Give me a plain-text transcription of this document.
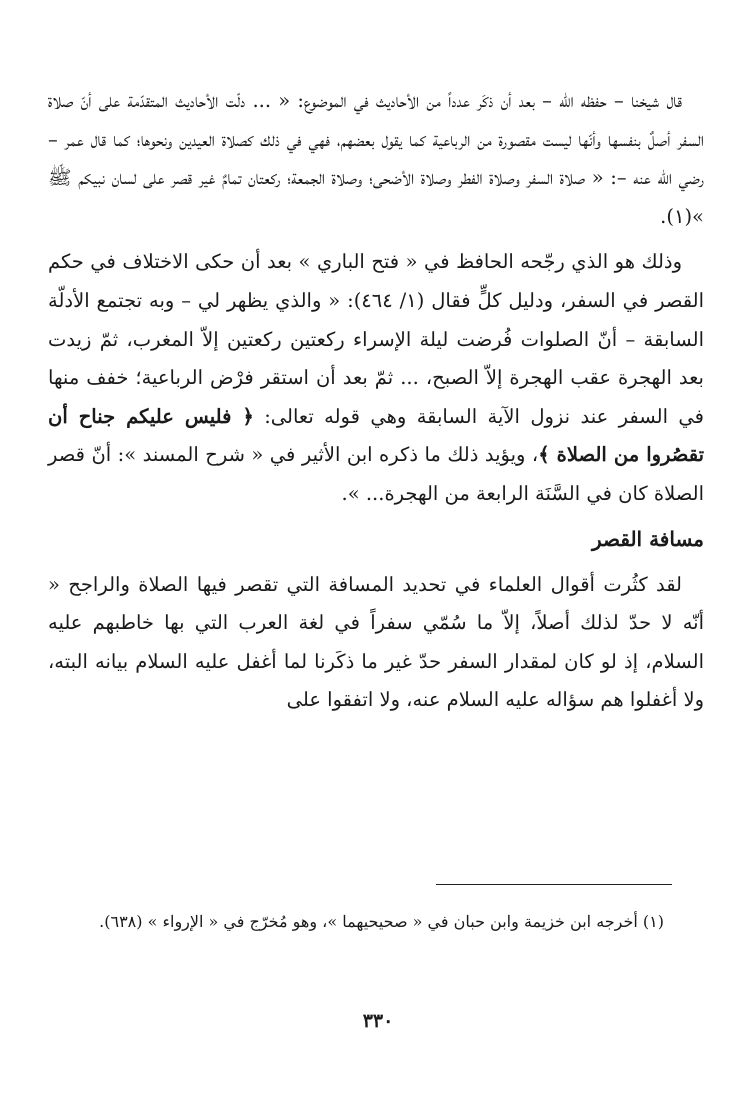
قال شيخنا – حفظه الله – بعد أن ذكَر عدداً من الأحاديث في الموضوع: « ... دلّت الأحاديث المتقدّمة على أنّ صلاة السفر أصلٌ بنفسها وأنّها ليست مقصورة من الرباعية كما يقول بعضهم، فهي في ذلك كصلاة العيدين ونحوها؛ كما قال عمر – رضي الله عنه –: « صلاة السفر وصلاة الفطر وصلاة الأضحى؛ وصلاة الجمعة؛ ركعتان تمامٌ غير قصر على لسان نبيكم ﷺ »(١).

وذلك هو الذي رجّحه الحافظ في « فتح الباري » بعد أن حكى الاختلاف في حكم القصر في السفر، ودليل كلٍّ فقال (١/ ٤٦٤): « والذي يظهر لي – وبه تجتمع الأدلّة السابقة – أنّ الصلوات فُرضت ليلة الإسراء ركعتين ركعتين إلاّ المغرب، ثمّ زيدت بعد الهجرة عقب الهجرة إلاّ الصبح، ... ثمّ بعد أن استقر فرْض الرباعية؛ خفف منها في السفر عند نزول الآية السابقة وهي قوله تعالى: ﴿ فليس عليكم جناح أن تقصُروا من الصلاة ﴾، ويؤيد ذلك ما ذكره ابن الأثير في « شرح المسند »: أنّ قصر الصلاة كان في السَّنَة الرابعة من الهجرة... ».

مسافة القصر

لقد كثُرت أقوال العلماء في تحديد المسافة التي تقصر فيها الصلاة والراجح « أنّه لا حدّ لذلك أصلاً، إلاّ ما سُمّي سفراً في لغة العرب التي بها خاطبهم عليه السلام، إذ لو كان لمقدار السفر حدّ غير ما ذكَرنا لما أغفل عليه السلام بيانه البته، ولا أغفلوا هم سؤاله عليه السلام عنه، ولا اتفقوا على

(١) أخرجه ابن خزيمة وابن حبان في « صحيحيهما »، وهو مُخرّج في « الإرواء » (٦٣٨).

٣٣٠
